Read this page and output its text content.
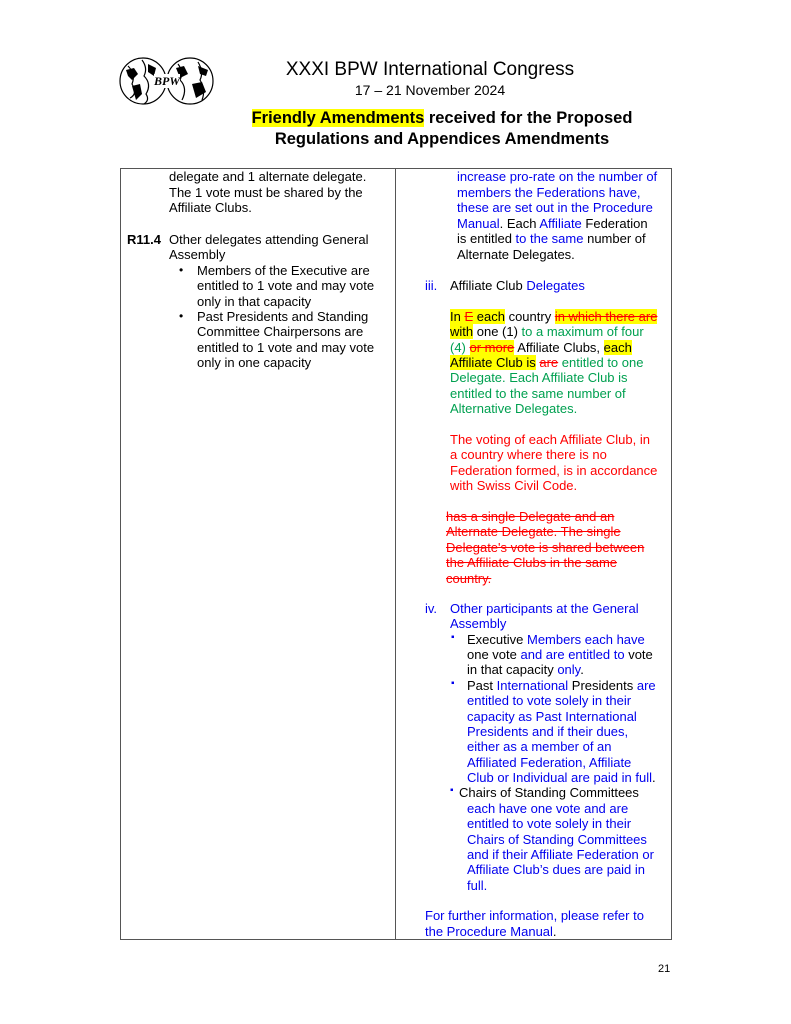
BPW
XXXI BPW International Congress
17 – 21 November 2024
Friendly Amendments received for the Proposed
Regulations and Appendices Amendments
delegate and 1 alternate delegate.
The 1 vote must be shared by the
Affiliate Clubs.
R11.4 Other delegates attending General
Assembly
• Members of the Executive are
entitled to 1 vote and may vote
only in that capacity
• Past Presidents and Standing
Committee Chairpersons are
entitled to 1 vote and may vote
only in one capacity
increase pro-rate on the number of
members the Federations have,
these are set out in the Procedure
Manual. Each Affiliate Federation
is entitled to the same number of
Alternate Delegates.
iii. Affiliate Club Delegates
In E each country in which there are
with one (1) to a maximum of four
(4) or more Affiliate Clubs, each
Affiliate Club is are entitled to one
Delegate. Each Affiliate Club is
entitled to the same number of
Alternative Delegates.
The voting of each Affiliate Club, in
a country where there is no
Federation formed, is in accordance
with Swiss Civil Code.
has a single Delegate and an
Alternate Delegate. The single
Delegate's vote is shared between
the Affiliate Clubs in the same
country.
iv. Other participants at the General
Assembly
▪ Executive Members each have
one vote and are entitled to vote
in that capacity only.
▪ Past International Presidents are
entitled to vote solely in their
capacity as Past International
Presidents and if their dues,
either as a member of an
Affiliated Federation, Affiliate
Club or Individual are paid in full.
▪ Chairs of Standing Committees
each have one vote and are
entitled to vote solely in their
Chairs of Standing Committees
and if their Affiliate Federation or
Affiliate Club’s dues are paid in
full.
For further information, please refer to
the Procedure Manual.
21
